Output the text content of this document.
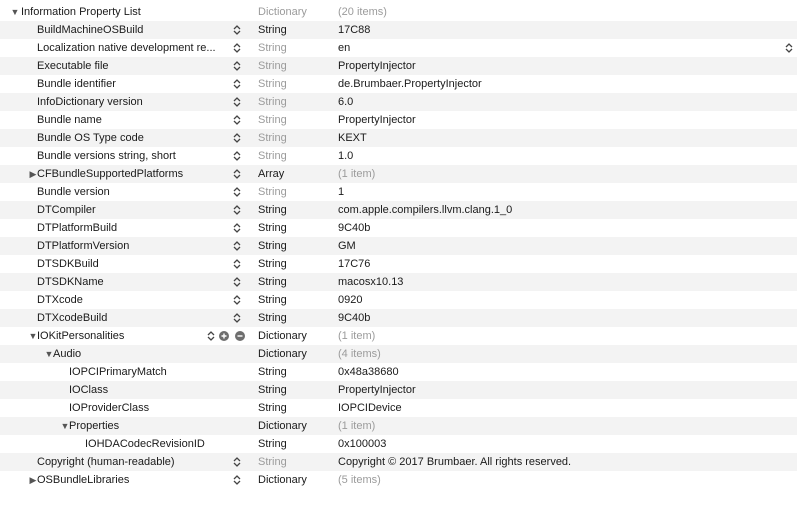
▼ Information Property List	Dictionary	(20 items)
BuildMachineOSBuild	String	17C88
Localization native development re...	String	en
Executable file	String	PropertyInjector
Bundle identifier	String	de.Brumbaer.PropertyInjector
InfoDictionary version	String	6.0
Bundle name	String	PropertyInjector
Bundle OS Type code	String	KEXT
Bundle versions string, short	String	1.0
▶ CFBundleSupportedPlatforms	Array	(1 item)
Bundle version	String	1
DTCompiler	String	com.apple.compilers.llvm.clang.1_0
DTPlatformBuild	String	9C40b
DTPlatformVersion	String	GM
DTSDKBuild	String	17C76
DTSDKName	String	macosx10.13
DTXcode	String	0920
DTXcodeBuild	String	9C40b
▼ IOKitPersonalities	Dictionary	(1 item)
▼ Audio	Dictionary	(4 items)
IOPCIPrimaryMatch	String	0x48a38680
IOClass	String	PropertyInjector
IOProviderClass	String	IOPCIDevice
▼ Properties	Dictionary	(1 item)
IOHDACodecRevisionID	String	0x100003
Copyright (human-readable)	String	Copyright © 2017 Brumbaer. All rights reserved.
▶ OSBundleLibraries	Dictionary	(5 items)
